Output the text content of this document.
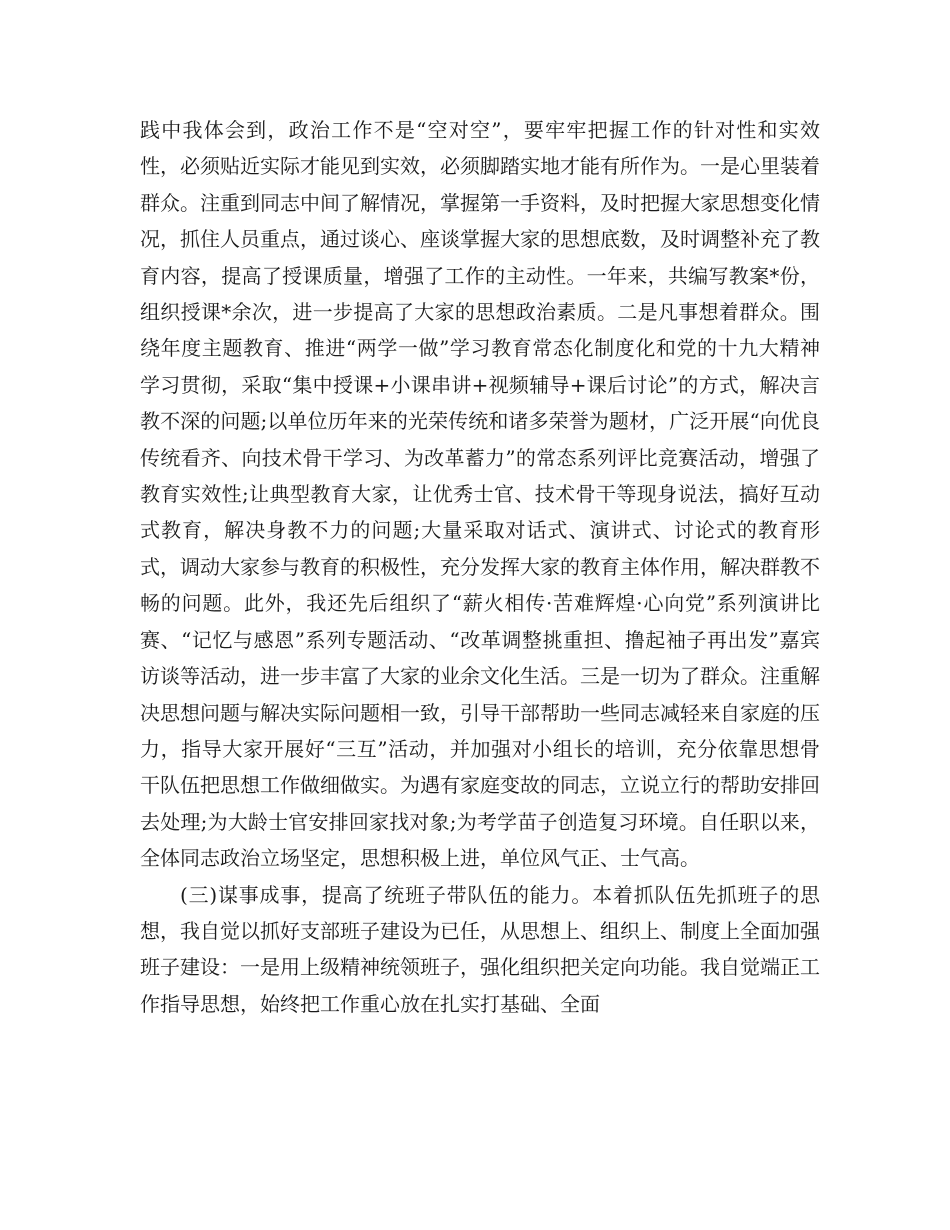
践中我体会到，政治工作不是“空对空”，要牢牢把握工作的针对性和实效性，必须贴近实际才能见到实效，必须脚踏实地才能有所作为。一是心里装着群众。注重到同志中间了解情况，掌握第一手资料，及时把握大家思想变化情况，抓住人员重点，通过谈心、座谈掌握大家的思想底数，及时调整补充了教育内容，提高了授课质量，增强了工作的主动性。一年来，共编写教案*份，组织授课*余次，进一步提高了大家的思想政治素质。二是凡事想着群众。围绕年度主题教育、推进“两学一做”学习教育常态化制度化和党的十九大精神学习贯彻，采取“集中授课+小课串讲+视频辅导+课后讨论”的方式，解决言教不深的问题;以单位历年来的光荣传统和诸多荣誉为题材，广泛开展“向优良传统看齐、向技术骨干学习、为改革蓄力”的常态系列评比竞赛活动，增强了教育实效性;让典型教育大家，让优秀士官、技术骨干等现身说法，搞好互动式教育，解决身教不力的问题;大量采取对话式、演讲式、讨论式的教育形式，调动大家参与教育的积极性，充分发挥大家的教育主体作用，解决群教不畅的问题。此外，我还先后组织了“薪火相传·苦难辉煌·心向党”系列演讲比赛、“记忆与感恩”系列专题活动、“改革调整挑重担、撸起袖子再出发”嘉宾访谈等活动，进一步丰富了大家的业余文化生活。三是一切为了群众。注重解决思想问题与解决实际问题相一致，引导干部帮助一些同志减轻来自家庭的压力，指导大家开展好“三互”活动，并加强对小组长的培训，充分依靠思想骨干队伍把思想工作做细做实。为遇有家庭变故的同志，立说立行的帮助安排回去处理;为大龄士官安排回家找对象;为考学苗子创造复习环境。自任职以来，全体同志政治立场坚定，思想积极上进，单位风气正、士气高。

(三)谋事成事，提高了统班子带队伍的能力。本着抓队伍先抓班子的思想，我自觉以抓好支部班子建设为已任，从思想上、组织上、制度上全面加强班子建设：一是用上级精神统领班子，强化组织把关定向功能。我自觉端正工作指导思想，始终把工作重心放在扎实打基础、全面
